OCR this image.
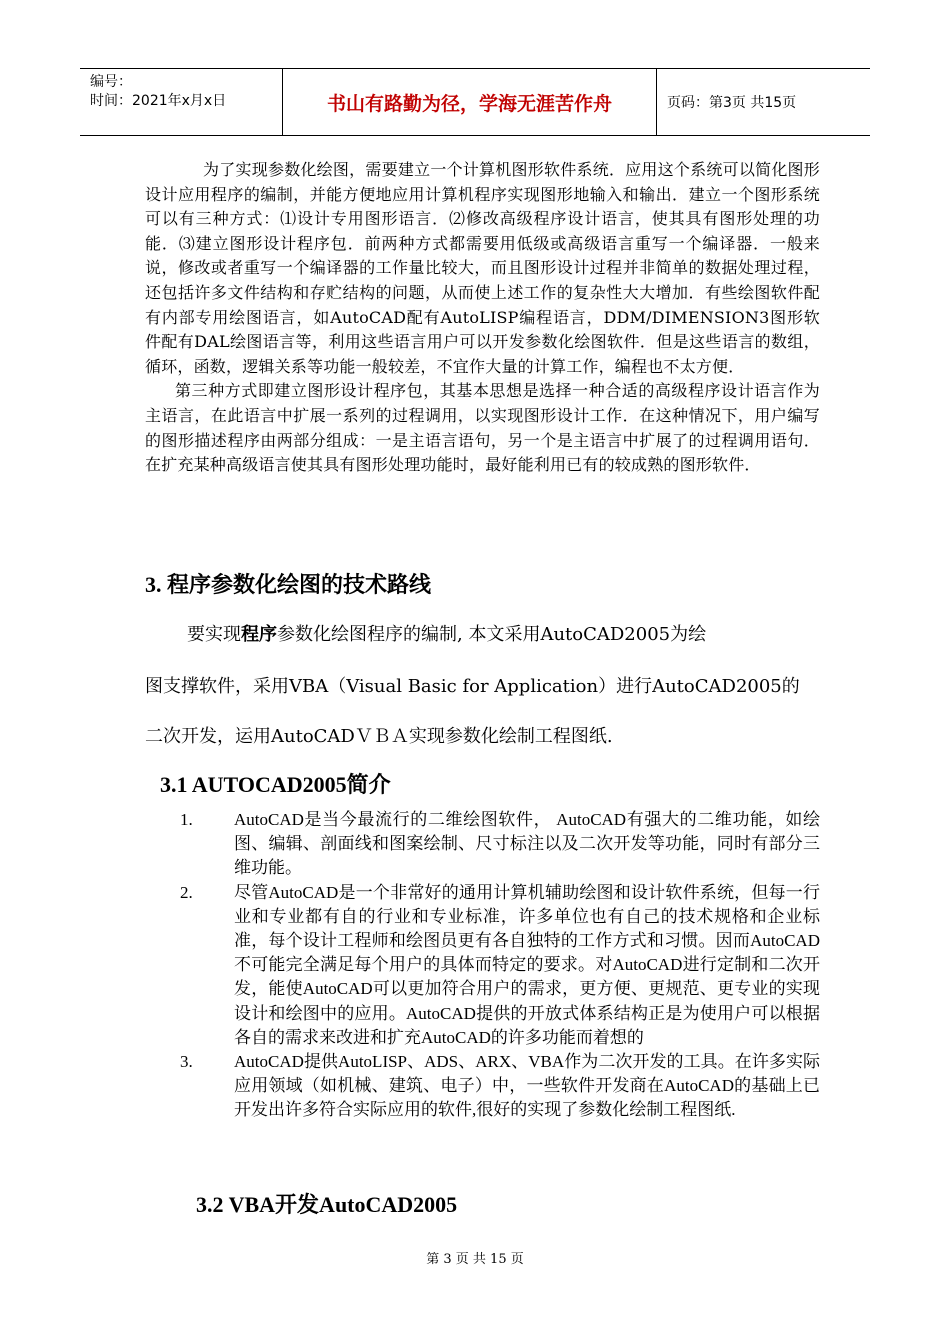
编号：
时间：2021年x月x日	书山有路勤为径，学海无涯苦作舟	页码：第3页 共15页

为了实现参数化绘图，需要建立一个计算机图形软件系统．应用这个系统可以简化图形设计应用程序的编制，并能方便地应用计算机程序实现图形地输入和输出．建立一个图形系统可以有三种方式：⑴设计专用图形语言．⑵修改高级程序设计语言，使其具有图形处理的功能．⑶建立图形设计程序包．前两种方式都需要用低级或高级语言重写一个编译器．一般来说，修改或者重写一个编译器的工作量比较大，而且图形设计过程并非简单的数据处理过程，还包括许多文件结构和存贮结构的问题，从而使上述工作的复杂性大大增加．有些绘图软件配有内部专用绘图语言，如AutoCAD配有AutoLISP编程语言，DDM/DIMENSION3图形软件配有DAL绘图语言等，利用这些语言用户可以开发参数化绘图软件．但是这些语言的数组，循环，函数，逻辑关系等功能一般较差，不宜作大量的计算工作，编程也不太方便．

第三种方式即建立图形设计程序包，其基本思想是选择一种合适的高级程序设计语言作为主语言，在此语言中扩展一系列的过程调用，以实现图形设计工作．在这种情况下，用户编写的图形描述程序由两部分组成：一是主语言语句，另一个是主语言中扩展了的过程调用语句．在扩充某种高级语言使其具有图形处理功能时，最好能利用已有的较成熟的图形软件．

3. 程序参数化绘图的技术路线

要实现程序参数化绘图程序的编制, 本文采用AutoCAD2005为绘

图支撑软件，采用VBA（Visual Basic for Application）进行AutoCAD2005的

二次开发，运用AutoCADＶＢＡ实现参数化绘制工程图纸.

3.1 AUTOCAD2005简介
1.	AutoCAD是当今最流行的二维绘图软件， AutoCAD有强大的二维功能，如绘图、编辑、剖面线和图案绘制、尺寸标注以及二次开发等功能，同时有部分三维功能。
2.	尽管AutoCAD是一个非常好的通用计算机辅助绘图和设计软件系统，但每一行业和专业都有自的行业和专业标准，许多单位也有自己的技术规格和企业标准，每个设计工程师和绘图员更有各自独特的工作方式和习惯。因而AutoCAD不可能完全满足每个用户的具体而特定的要求。对AutoCAD进行定制和二次开发，能使AutoCAD可以更加符合用户的需求，更方便、更规范、更专业的实现设计和绘图中的应用。AutoCAD提供的开放式体系结构正是为使用户可以根据各自的需求来改进和扩充AutoCAD的许多功能而着想的
3.	AutoCAD提供AutoLISP、ADS、ARX、VBA作为二次开发的工具。在许多实际应用领域（如机械、建筑、电子）中，一些软件开发商在AutoCAD的基础上已开发出许多符合实际应用的软件,很好的实现了参数化绘制工程图纸.
3.2 VBA开发AutoCAD2005
第 3 页 共 15 页
